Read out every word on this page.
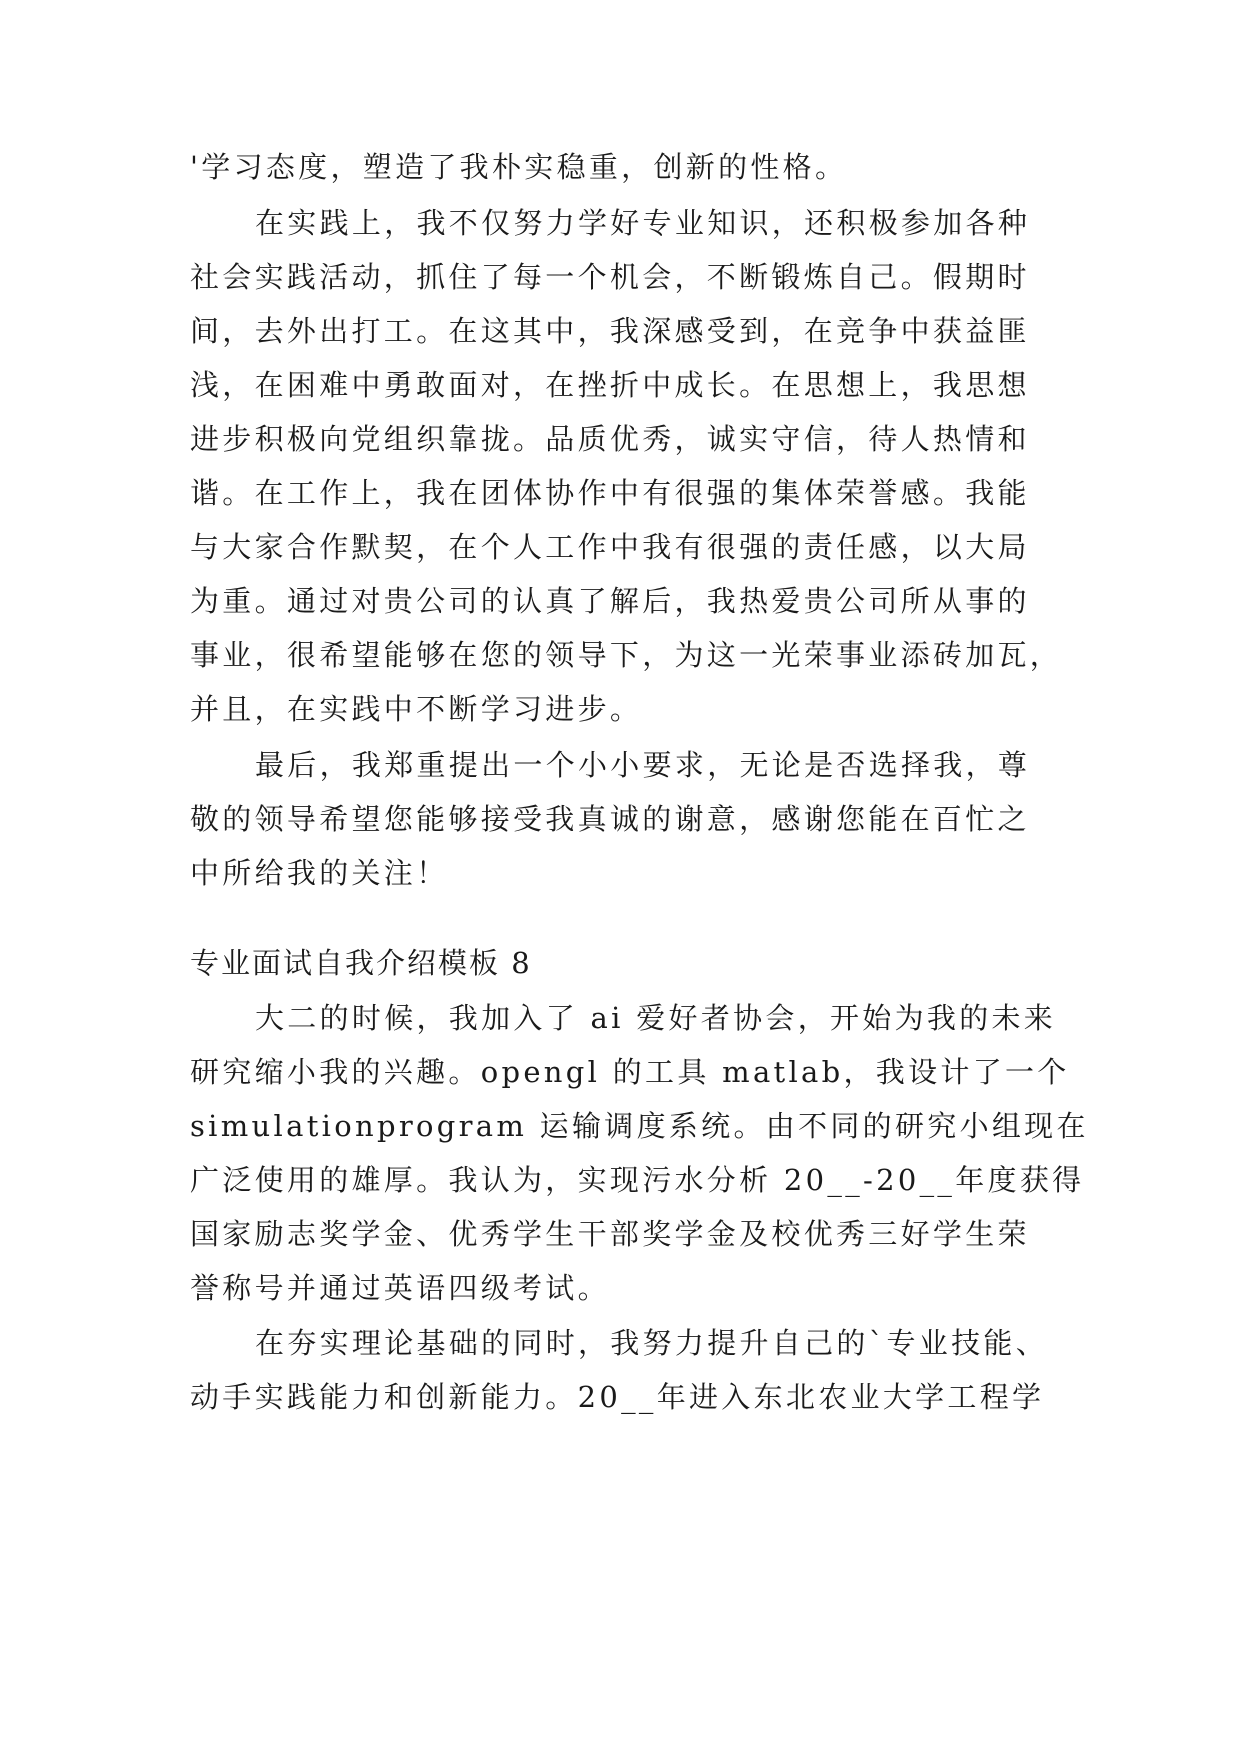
'学习态度，塑造了我朴实稳重，创新的性格。
在实践上，我不仅努力学好专业知识，还积极参加各种
社会实践活动，抓住了每一个机会，不断锻炼自己。假期时
间，去外出打工。在这其中，我深感受到，在竞争中获益匪
浅，在困难中勇敢面对，在挫折中成长。在思想上，我思想
进步积极向党组织靠拢。品质优秀，诚实守信，待人热情和
谐。在工作上，我在团体协作中有很强的集体荣誉感。我能
与大家合作默契，在个人工作中我有很强的责任感，以大局
为重。通过对贵公司的认真了解后，我热爱贵公司所从事的
事业，很希望能够在您的领导下，为这一光荣事业添砖加瓦，
并且，在实践中不断学习进步。
最后，我郑重提出一个小小要求，无论是否选择我，尊
敬的领导希望您能够接受我真诚的谢意，感谢您能在百忙之
中所给我的关注！
专业面试自我介绍模板 8
大二的时候，我加入了 ai 爱好者协会，开始为我的未来
研究缩小我的兴趣。opengl 的工具 matlab，我设计了一个
simulationprogram 运输调度系统。由不同的研究小组现在
广泛使用的雄厚。我认为，实现污水分析 20__-20__年度获得
国家励志奖学金、优秀学生干部奖学金及校优秀三好学生荣
誉称号并通过英语四级考试。
在夯实理论基础的同时，我努力提升自己的`专业技能、
动手实践能力和创新能力。20__年进入东北农业大学工程学
